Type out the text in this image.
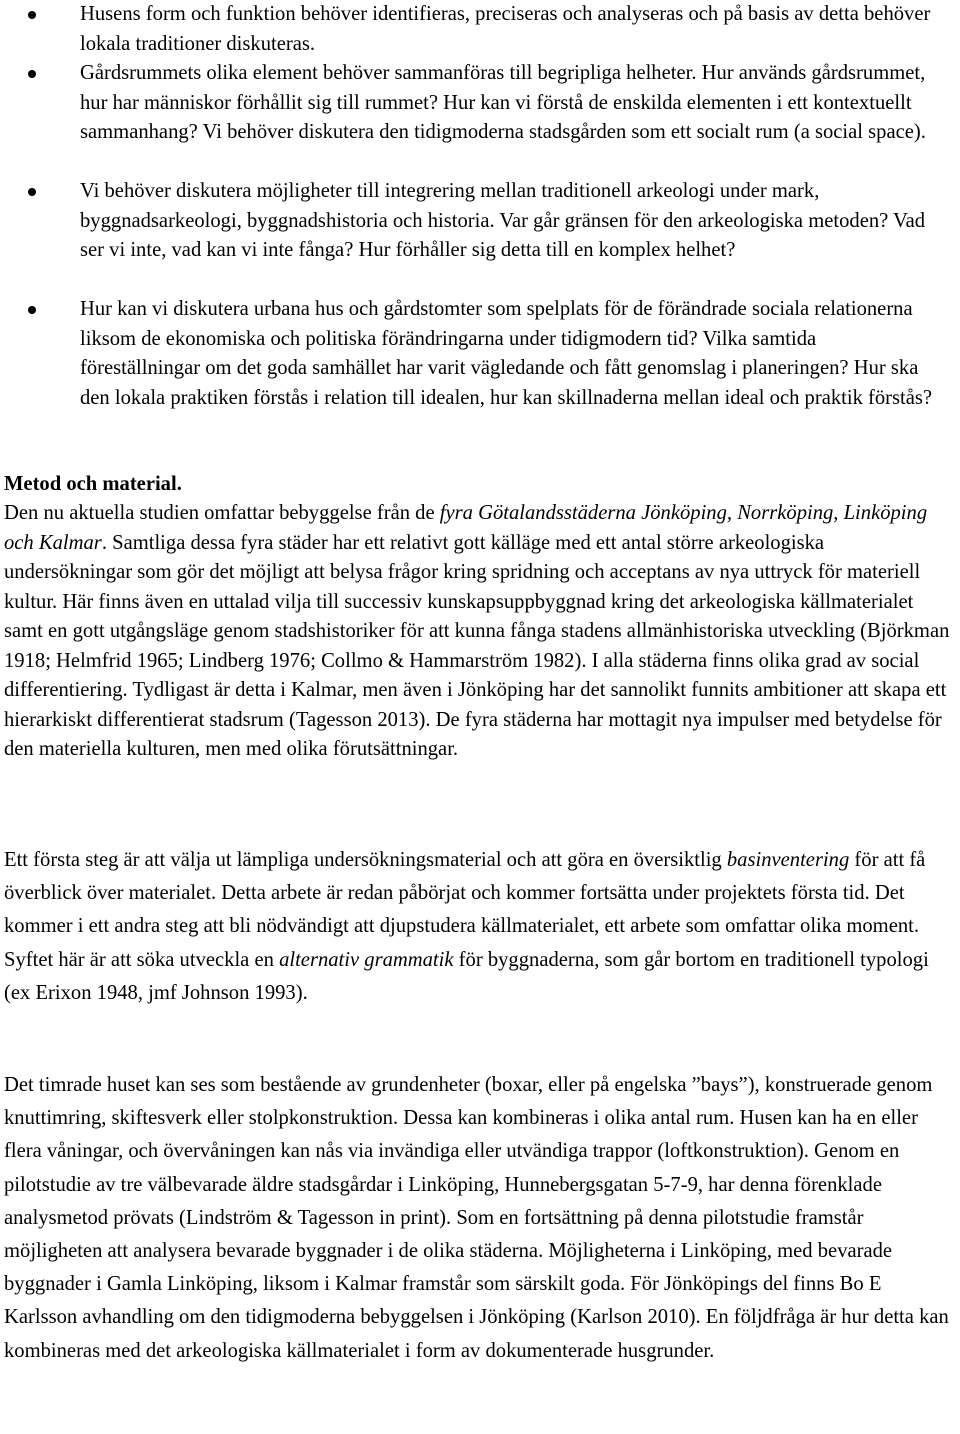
Husens form och funktion behöver identifieras, preciseras och analyseras och på basis av detta behöver lokala traditioner diskuteras.
Gårdsrummets olika element behöver sammanföras till begripliga helheter. Hur används gårdsrummet, hur har människor förhållit sig till rummet? Hur kan vi förstå de enskilda elementen i ett kontextuellt sammanhang? Vi behöver diskutera den tidigmoderna stadsgården som ett socialt rum (a social space).
Vi behöver diskutera möjligheter till integrering mellan traditionell arkeologi under mark, byggnadsarkeologi, byggnadshistoria och historia. Var går gränsen för den arkeologiska metoden? Vad ser vi inte, vad kan vi inte fånga? Hur förhåller sig detta till en komplex helhet?
Hur kan vi diskutera urbana hus och gårdstomter som spelplats för de förändrade sociala relationerna liksom de ekonomiska och politiska förändringarna under tidigmodern tid? Vilka samtida föreställningar om det goda samhället har varit vägledande och fått genomslag i planeringen? Hur ska den lokala praktiken förstås i relation till idealen, hur kan skillnaderna mellan ideal och praktik förstås?

Metod och material.

Den nu aktuella studien omfattar bebyggelse från de fyra Götalandsstäderna Jönköping, Norrköping, Linköping och Kalmar. Samtliga dessa fyra städer har ett relativt gott källäge med ett antal större arkeologiska undersökningar som gör det möjligt att belysa frågor kring spridning och acceptans av nya uttryck för materiell kultur. Här finns även en uttalad vilja till successiv kunskapsuppbyggnad kring det arkeologiska källmaterialet samt en gott utgångsläge genom stadshistoriker för att kunna fånga stadens allmänhistoriska utveckling (Björkman 1918; Helmfrid 1965; Lindberg 1976; Collmo & Hammarström 1982). I alla städerna finns olika grad av social differentiering. Tydligast är detta i Kalmar, men även i Jönköping har det sannolikt funnits ambitioner att skapa ett hierarkiskt differentierat stadsrum (Tagesson 2013). De fyra städerna har mottagit nya impulser med betydelse för den materiella kulturen, men med olika förutsättningar.

Ett första steg är att välja ut lämpliga undersökningsmaterial och att göra en översiktlig basinventering för att få överblick över materialet. Detta arbete är redan påbörjat och kommer fortsätta under projektets första tid. Det kommer i ett andra steg att bli nödvändigt att djupstudera källmaterialet, ett arbete som omfattar olika moment. Syftet här är att söka utveckla en alternativ grammatik för byggnaderna, som går bortom en traditionell typologi (ex Erixon 1948, jmf Johnson 1993).

Det timrade huset kan ses som bestående av grundenheter (boxar, eller på engelska ”bays”), konstruerade genom knuttimring, skiftesverk eller stolpkonstruktion. Dessa kan kombineras i olika antal rum. Husen kan ha en eller flera våningar, och övervåningen kan nås via invändiga eller utvändiga trappor (loftkonstruktion). Genom en pilotstudie av tre välbevarade äldre stadsgårdar i Linköping, Hunnebergsgatan 5-7-9, har denna förenklade analysmetod prövats (Lindström & Tagesson in print). Som en fortsättning på denna pilotstudie framstår möjligheten att analysera bevarade byggnader i de olika städerna. Möjligheterna i Linköping, med bevarade byggnader i Gamla Linköping, liksom i Kalmar framstår som särskilt goda. För Jönköpings del finns Bo E Karlsson avhandling om den tidigmoderna bebyggelsen i Jönköping (Karlson 2010). En följdfråga är hur detta kan kombineras med det arkeologiska källmaterialet i form av dokumenterade husgrunder.
